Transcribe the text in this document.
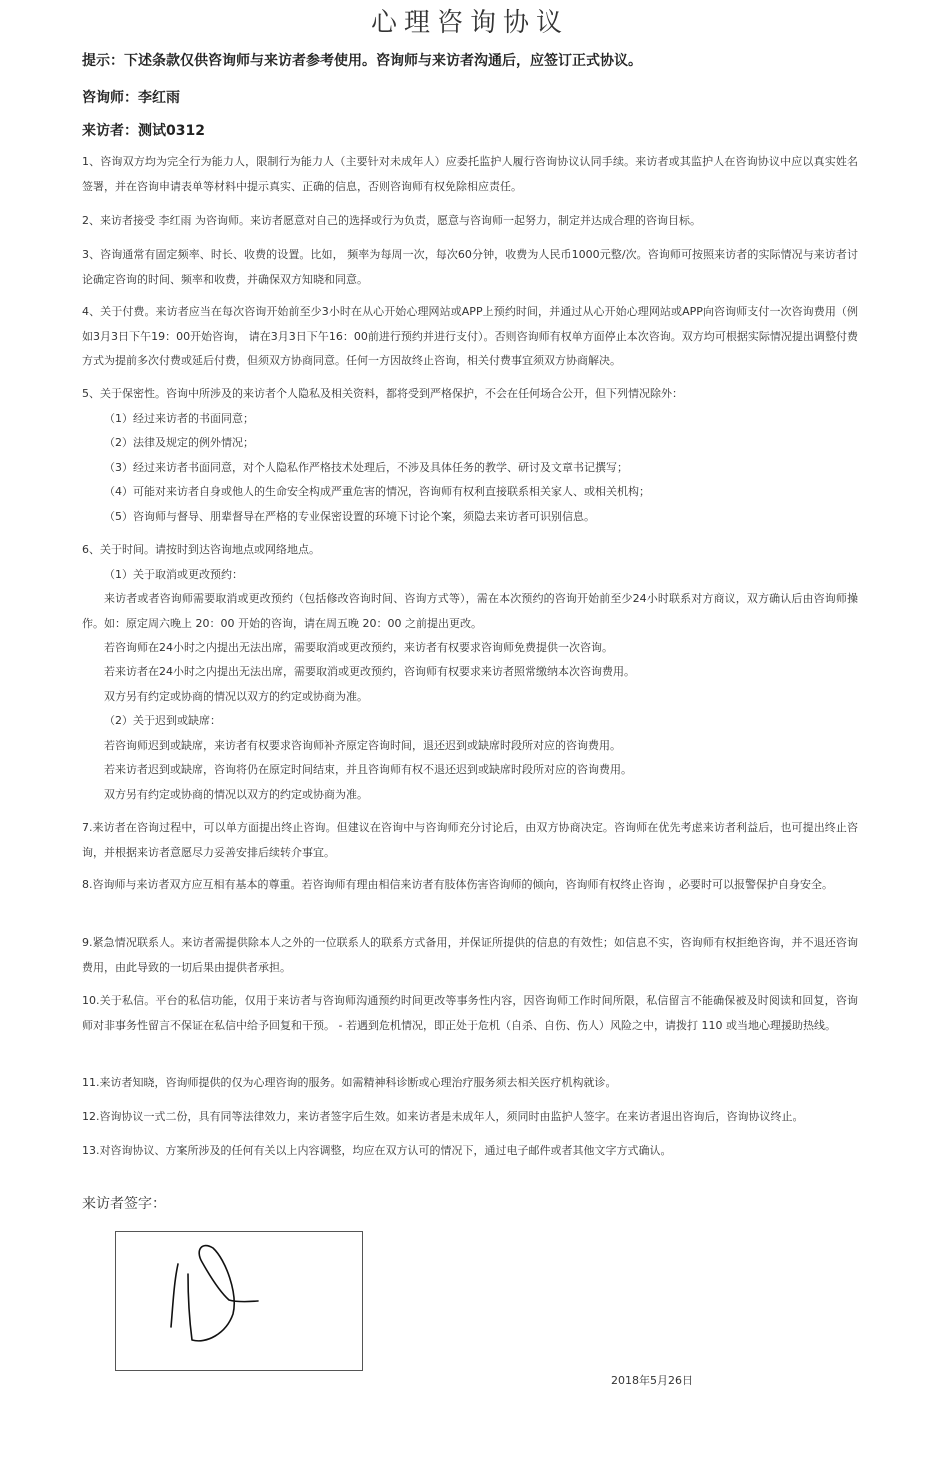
心理咨询协议
提示：下述条款仅供咨询师与来访者参考使用。咨询师与来访者沟通后，应签订正式协议。
咨询师：李红雨
来访者：测试0312
1、咨询双方均为完全行为能力人，限制行为能力人（主要针对未成年人）应委托监护人履行咨询协议认同手续。来访者或其监护人在咨询协议中应以真实姓名签署，并在咨询申请表单等材料中提示真实、正确的信息，否则咨询师有权免除相应责任。
2、来访者接受 李红雨 为咨询师。来访者愿意对自己的选择或行为负责，愿意与咨询师一起努力，制定并达成合理的咨询目标。
3、咨询通常有固定频率、时长、收费的设置。比如， 频率为每周一次，每次60分钟，收费为人民币1000元整/次。咨询师可按照来访者的实际情况与来访者讨论确定咨询的时间、频率和收费，并确保双方知晓和同意。
4、关于付费。来访者应当在每次咨询开始前至少3小时在从心开始心理网站或APP上预约时间，并通过从心开始心理网站或APP向咨询师支付一次咨询费用（例如3月3日下午19：00开始咨询， 请在3月3日下午16：00前进行预约并进行支付）。否则咨询师有权单方面停止本次咨询。双方均可根据实际情况提出调整付费方式为提前多次付费或延后付费，但须双方协商同意。任何一方因故终止咨询，相关付费事宜须双方协商解决。
5、关于保密性。咨询中所涉及的来访者个人隐私及相关资料，都将受到严格保护，不会在任何场合公开，但下列情况除外：
（1）经过来访者的书面同意；
（2）法律及规定的例外情况；
（3）经过来访者书面同意，对个人隐私作严格技术处理后，不涉及具体任务的教学、研讨及文章书记撰写；
（4）可能对来访者自身或他人的生命安全构成严重危害的情况，咨询师有权利直接联系相关家人、或相关机构；
（5）咨询师与督导、朋辈督导在严格的专业保密设置的环境下讨论个案，须隐去来访者可识别信息。
6、关于时间。请按时到达咨询地点或网络地点。
（1）关于取消或更改预约：
来访者或者咨询师需要取消或更改预约（包括修改咨询时间、咨询方式等），需在本次预约的咨询开始前至少24小时联系对方商议，双方确认后由咨询师操作。如：原定周六晚上 20：00 开始的咨询，请在周五晚 20：00 之前提出更改。
若咨询师在24小时之内提出无法出席，需要取消或更改预约，来访者有权要求咨询师免费提供一次咨询。
若来访者在24小时之内提出无法出席，需要取消或更改预约，咨询师有权要求来访者照常缴纳本次咨询费用。
双方另有约定或协商的情况以双方的约定或协商为准。
（2）关于迟到或缺席：
若咨询师迟到或缺席，来访者有权要求咨询师补齐原定咨询时间，退还迟到或缺席时段所对应的咨询费用。
若来访者迟到或缺席，咨询将仍在原定时间结束，并且咨询师有权不退还迟到或缺席时段所对应的咨询费用。
双方另有约定或协商的情况以双方的约定或协商为准。
7.来访者在咨询过程中，可以单方面提出终止咨询。但建议在咨询中与咨询师充分讨论后，由双方协商决定。咨询师在优先考虑来访者利益后，也可提出终止咨询，并根据来访者意愿尽力妥善安排后续转介事宜。
8.咨询师与来访者双方应互相有基本的尊重。若咨询师有理由相信来访者有肢体伤害咨询师的倾向，咨询师有权终止咨询 ，必要时可以报警保护自身安全。
9.紧急情况联系人。来访者需提供除本人之外的一位联系人的联系方式备用，并保证所提供的信息的有效性；如信息不实，咨询师有权拒绝咨询，并不退还咨询费用，由此导致的一切后果由提供者承担。
10.关于私信。平台的私信功能，仅用于来访者与咨询师沟通预约时间更改等事务性内容，因咨询师工作时间所限，私信留言不能确保被及时阅读和回复，咨询师对非事务性留言不保证在私信中给予回复和干预。 - 若遇到危机情况，即正处于危机（自杀、自伤、伤人）风险之中，请拨打 110 或当地心理援助热线。
11.来访者知晓，咨询师提供的仅为心理咨询的服务。如需精神科诊断或心理治疗服务须去相关医疗机构就诊。
12.咨询协议一式二份，具有同等法律效力，来访者签字后生效。如来访者是未成年人，须同时由监护人签字。在来访者退出咨询后，咨询协议终止。
13.对咨询协议、方案所涉及的任何有关以上内容调整，均应在双方认可的情况下，通过电子邮件或者其他文字方式确认。
来访者签字：
2018年5月26日
